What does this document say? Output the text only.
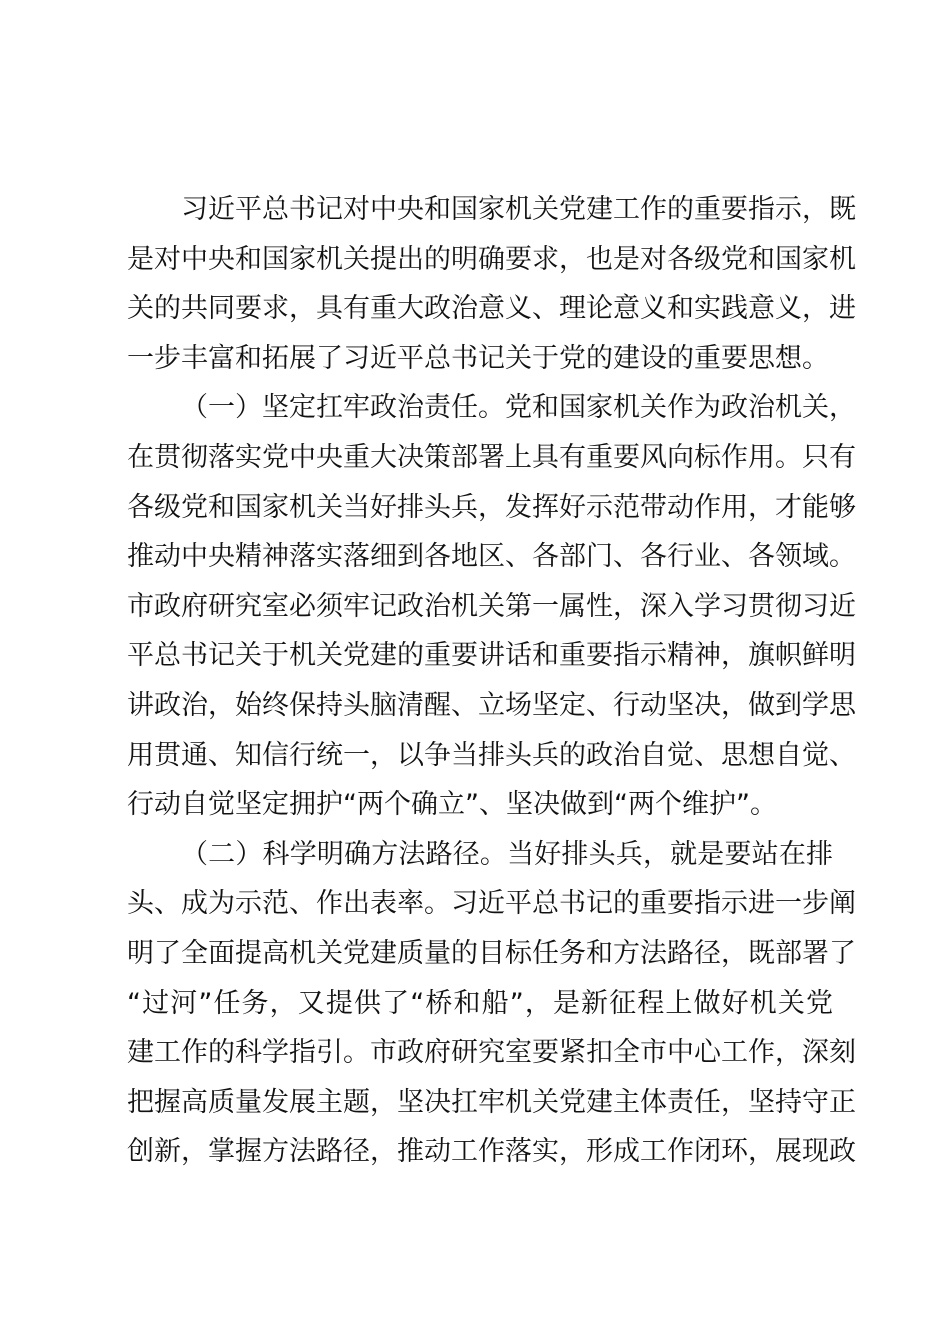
习近平总书记对中央和国家机关党建工作的重要指示，既
是对中央和国家机关提出的明确要求，也是对各级党和国家机
关的共同要求，具有重大政治意义、理论意义和实践意义，进
一步丰富和拓展了习近平总书记关于党的建设的重要思想。
（一）坚定扛牢政治责任。党和国家机关作为政治机关，
在贯彻落实党中央重大决策部署上具有重要风向标作用。只有
各级党和国家机关当好排头兵，发挥好示范带动作用，才能够
推动中央精神落实落细到各地区、各部门、各行业、各领域。
市政府研究室必须牢记政治机关第一属性，深入学习贯彻习近
平总书记关于机关党建的重要讲话和重要指示精神，旗帜鲜明
讲政治，始终保持头脑清醒、立场坚定、行动坚决，做到学思
用贯通、知信行统一，以争当排头兵的政治自觉、思想自觉、
行动自觉坚定拥护“两个确立”、坚决做到“两个维护”。
（二）科学明确方法路径。当好排头兵，就是要站在排
头、成为示范、作出表率。习近平总书记的重要指示进一步阐
明了全面提高机关党建质量的目标任务和方法路径，既部署了
“过河”任务，又提供了“桥和船”，是新征程上做好机关党
建工作的科学指引。市政府研究室要紧扣全市中心工作，深刻
把握高质量发展主题，坚决扛牢机关党建主体责任，坚持守正
创新，掌握方法路径，推动工作落实，形成工作闭环，展现政
